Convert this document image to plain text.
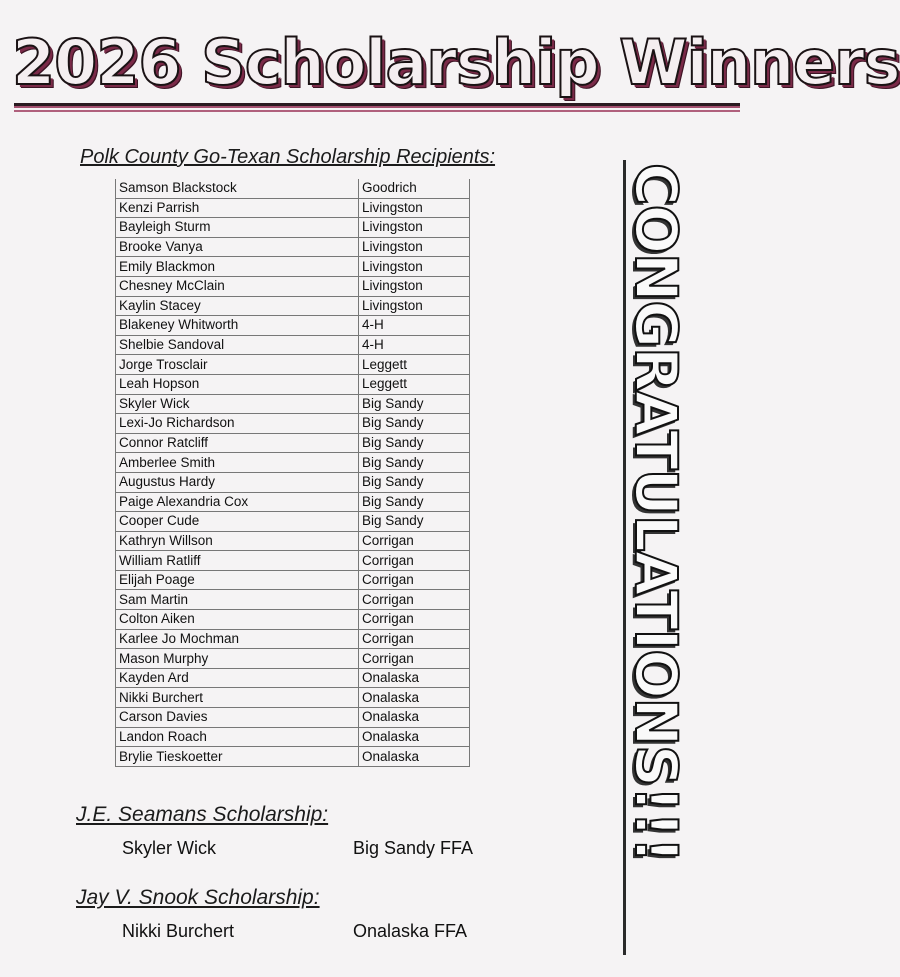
2026 Scholarship Winners
Polk County Go-Texan Scholarship Recipients:
Samson Blackstock	Goodrich
Kenzi Parrish	Livingston
Bayleigh Sturm	Livingston
Brooke Vanya	Livingston
Emily Blackmon	Livingston
Chesney McClain	Livingston
Kaylin Stacey	Livingston
Blakeney Whitworth	4-H
Shelbie Sandoval	4-H
Jorge Trosclair	Leggett
Leah Hopson	Leggett
Skyler Wick	Big Sandy
Lexi-Jo Richardson	Big Sandy
Connor Ratcliff	Big Sandy
Amberlee Smith	Big Sandy
Augustus Hardy	Big Sandy
Paige Alexandria Cox	Big Sandy
Cooper Cude	Big Sandy
Kathryn Willson	Corrigan
William Ratliff	Corrigan
Elijah Poage	Corrigan
Sam Martin	Corrigan
Colton Aiken	Corrigan
Karlee Jo Mochman	Corrigan
Mason Murphy	Corrigan
Kayden Ard	Onalaska
Nikki Burchert	Onalaska
Carson Davies	Onalaska
Landon Roach	Onalaska
Brylie Tieskoetter	Onalaska
J.E. Seamans Scholarship:
Skyler Wick	Big Sandy FFA
Jay V. Snook Scholarship:
Nikki Burchert	Onalaska FFA
CONGRATULATIONS!!!
